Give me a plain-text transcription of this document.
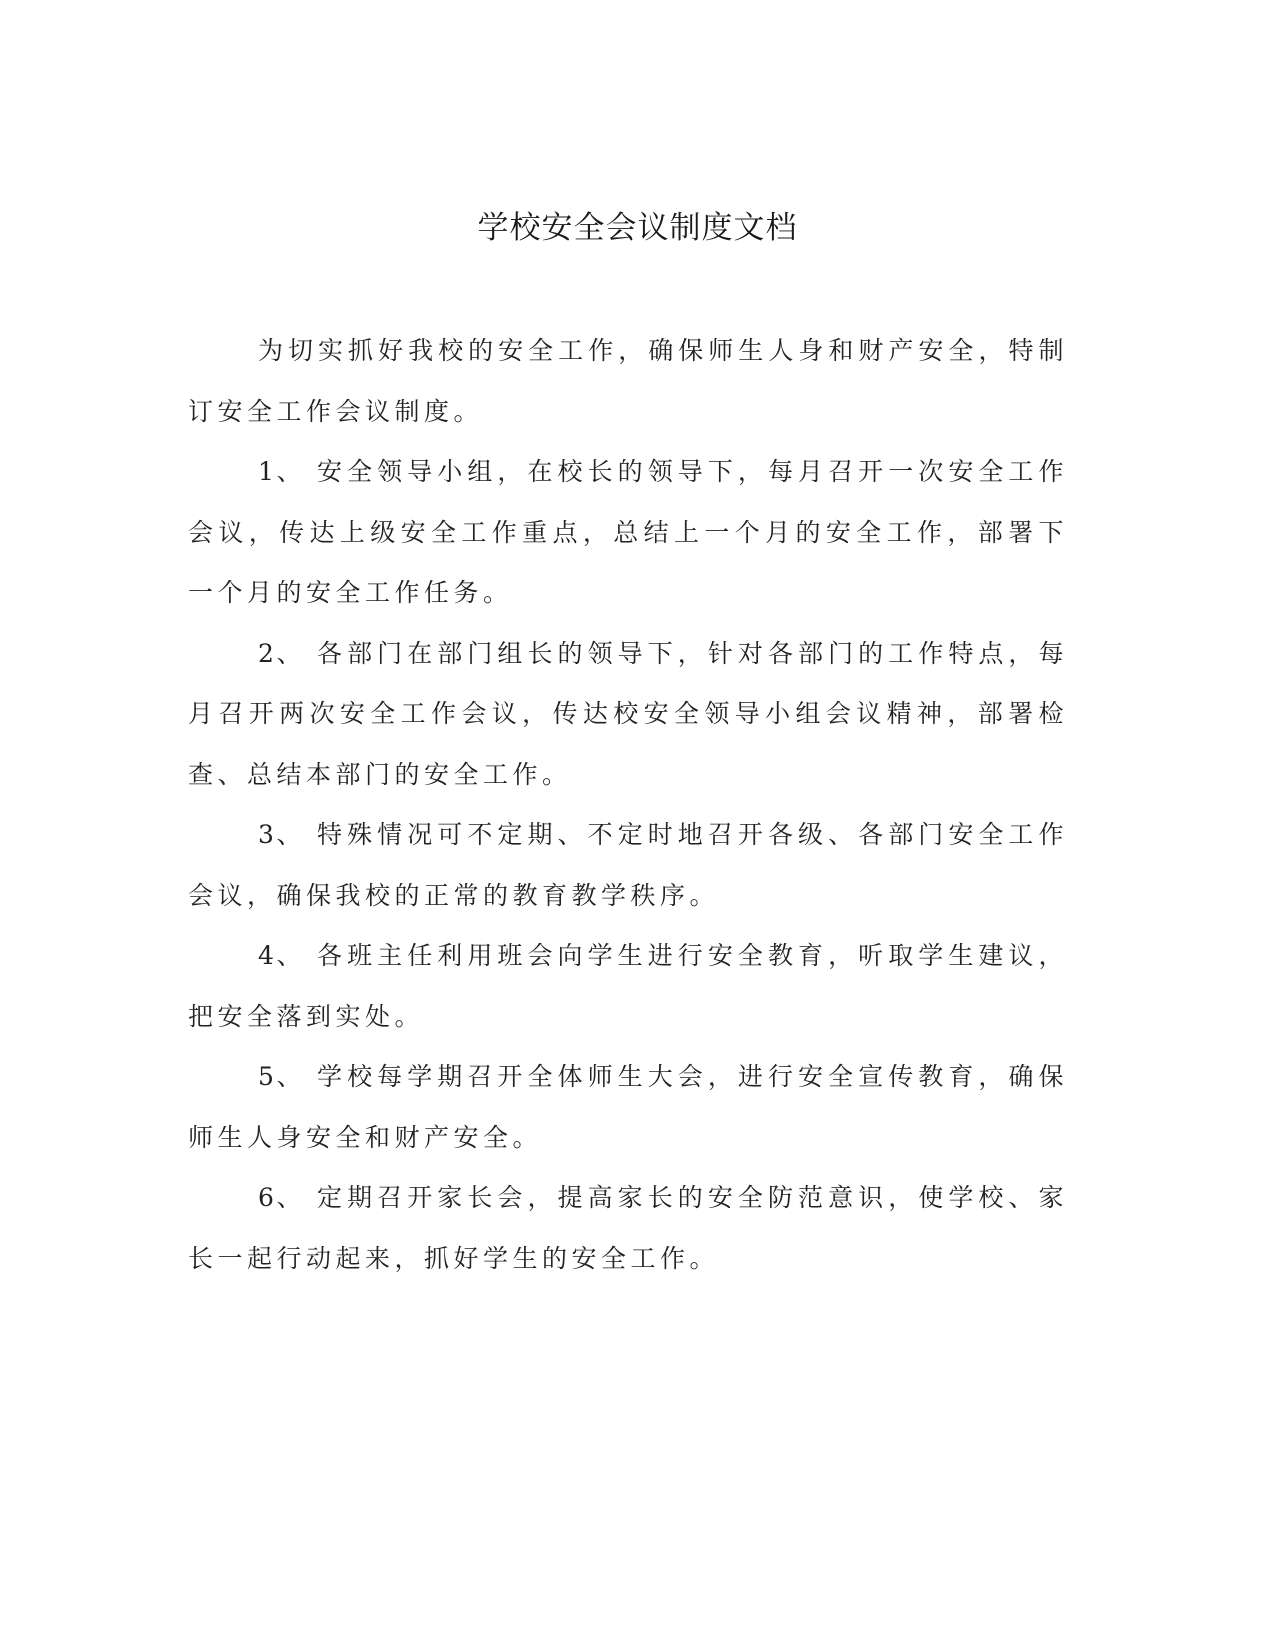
学校安全会议制度文档

为切实抓好我校的安全工作，确保师生人身和财产安全，特制订安全工作会议制度。

1、 安全领导小组，在校长的领导下，每月召开一次安全工作会议，传达上级安全工作重点，总结上一个月的安全工作，部署下一个月的安全工作任务。

2、 各部门在部门组长的领导下，针对各部门的工作特点，每月召开两次安全工作会议，传达校安全领导小组会议精神，部署检查、总结本部门的安全工作。

3、 特殊情况可不定期、不定时地召开各级、各部门安全工作会议，确保我校的正常的教育教学秩序。

4、 各班主任利用班会向学生进行安全教育，听取学生建议，把安全落到实处。

5、 学校每学期召开全体师生大会，进行安全宣传教育，确保师生人身安全和财产安全。

6、 定期召开家长会，提高家长的安全防范意识，使学校、家长一起行动起来，抓好学生的安全工作。
